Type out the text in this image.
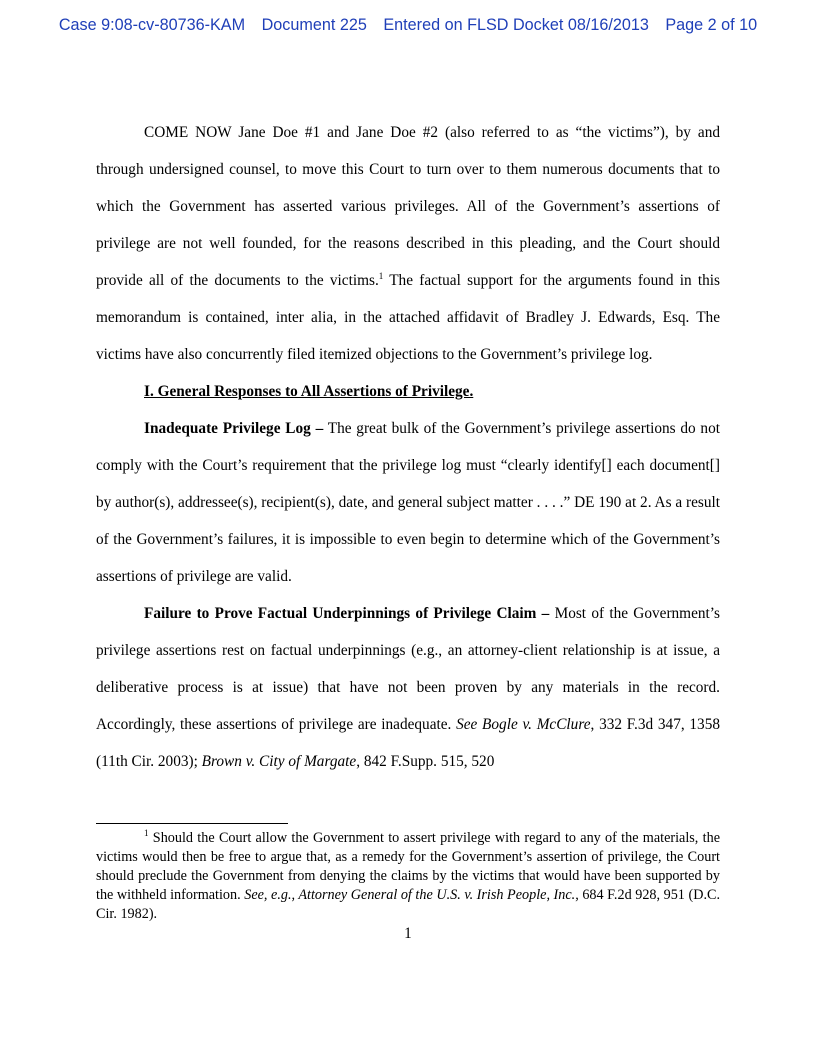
Case 9:08-cv-80736-KAM Document 225 Entered on FLSD Docket 08/16/2013 Page 2 of 10

COME NOW Jane Doe #1 and Jane Doe #2 (also referred to as “the victims”), by and through undersigned counsel, to move this Court to turn over to them numerous documents that to which the Government has asserted various privileges. All of the Government’s assertions of privilege are not well founded, for the reasons described in this pleading, and the Court should provide all of the documents to the victims.$^1$ The factual support for the arguments found in this memorandum is contained, inter alia, in the attached affidavit of Bradley J. Edwards, Esq. The victims have also concurrently filed itemized objections to the Government’s privilege log.

I. General Responses to All Assertions of Privilege.

Inadequate Privilege Log – The great bulk of the Government’s privilege assertions do not comply with the Court’s requirement that the privilege log must “clearly identify[] each document[] by author(s), addressee(s), recipient(s), date, and general subject matter . . . .” DE 190 at 2. As a result of the Government’s failures, it is impossible to even begin to determine which of the Government’s assertions of privilege are valid.

Failure to Prove Factual Underpinnings of Privilege Claim – Most of the Government’s privilege assertions rest on factual underpinnings (e.g., an attorney-client relationship is at issue, a deliberative process is at issue) that have not been proven by any materials in the record. Accordingly, these assertions of privilege are inadequate. See Bogle v. McClure, 332 F.3d 347, 1358 (11th Cir. 2003); Brown v. City of Margate, 842 F.Supp. 515, 520

$^1$ Should the Court allow the Government to assert privilege with regard to any of the materials, the victims would then be free to argue that, as a remedy for the Government’s assertion of privilege, the Court should preclude the Government from denying the claims by the victims that would have been supported by the withheld information. See, e.g., Attorney General of the U.S. v. Irish People, Inc., 684 F.2d 928, 951 (D.C. Cir. 1982).

1
